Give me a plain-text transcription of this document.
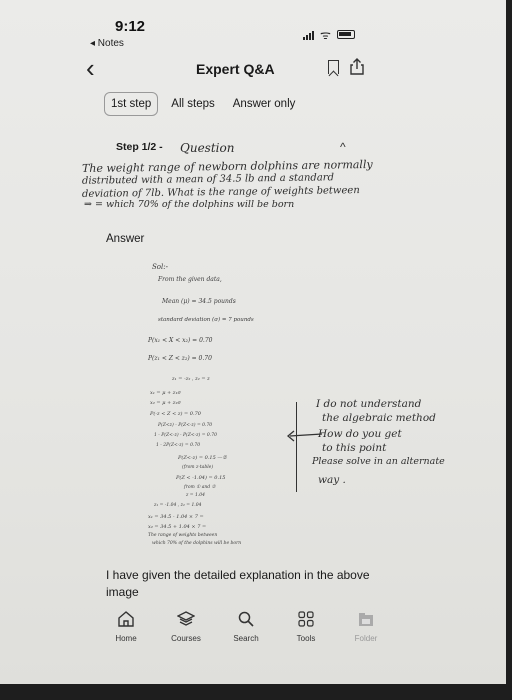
9:12
◂ Notes
ᯤ
‹	Expert Q&A
1st step	All steps	Answer only
Step 1/2 - Question	^
The weight range of newborn dolphins are normally
distributed with a mean of 34.5 lb and a standard
deviation of 7lb. What is the range of weights between
⇒ = which 70% of the dolphins will be born
Answer
Sol:-
From the given data,
Mean (μ) = 34.5 pounds
standard deviation (σ) = 7 pounds
P(x₁ < X < x₂) = 0.70
P(z₁ < Z < z₂) = 0.70
z₁ = -z₂ , z₂ = z
x₁ = μ + z₁σ
x₂ = μ + z₂σ
P(-z < Z < z) = 0.70
P(Z<z) - P(Z<-z) = 0.70
1 - P(Z<-z) - P(Z<-z) = 0.70
1 - 2P(Z<-z) = 0.70
P(Z<-z) = 0.15 —①
(from z-table)
P(Z < -1.04) = 0.15
from ① and ②
z = 1.04
z₁ = -1.04 , z₂ = 1.04
x₁ = 34.5 - 1.04 × 7 =
x₂ = 34.5 + 1.04 × 7 =
The range of weights between
which 70% of the dolphins will be born
I do not understand
the algebraic method
How do you get
to this point
Please solve in an alternate
way .
I have given the detailed explanation in the above image
Home	Courses	Search	Tools	Folder
